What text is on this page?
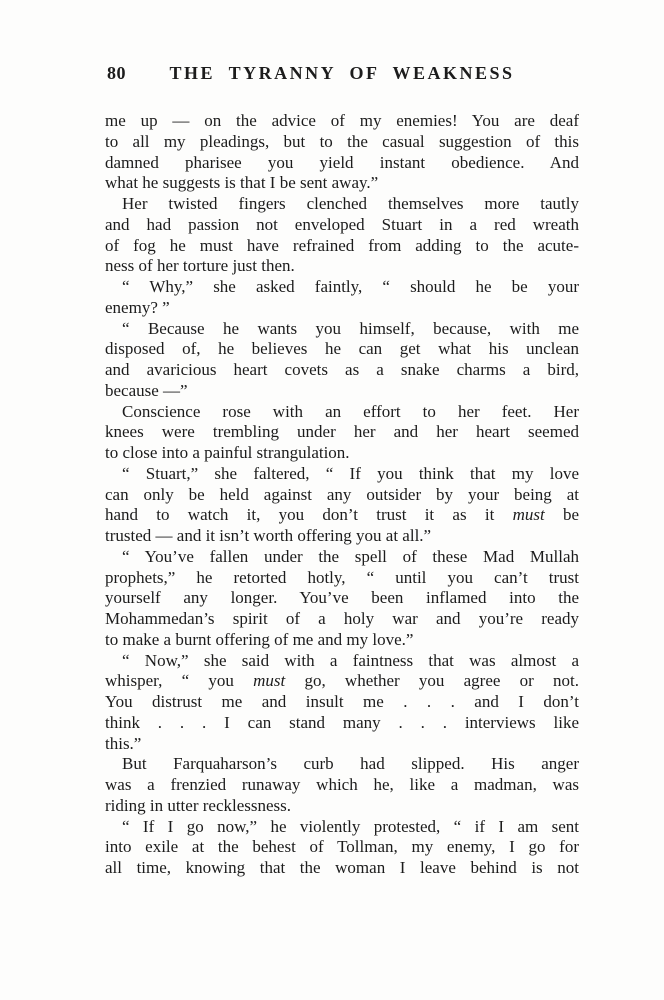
80	THE TYRANNY OF WEAKNESS
me up — on the advice of my enemies! You are deaf
to all my pleadings, but to the casual suggestion of this
damned pharisee you yield instant obedience. And
what he suggests is that I be sent away.”
Her twisted fingers clenched themselves more tautly
and had passion not enveloped Stuart in a red wreath
of fog he must have refrained from adding to the acute-
ness of her torture just then.
“ Why,” she asked faintly, “ should he be your
enemy? ”
“ Because he wants you himself, because, with me
disposed of, he believes he can get what his unclean
and avaricious heart covets as a snake charms a bird,
because —”
Conscience rose with an effort to her feet. Her
knees were trembling under her and her heart seemed
to close into a painful strangulation.
“ Stuart,” she faltered, “ If you think that my love
can only be held against any outsider by your being at
hand to watch it, you don’t trust it as it must be
trusted — and it isn’t worth offering you at all.”
“ You’ve fallen under the spell of these Mad Mullah
prophets,” he retorted hotly, “ until you can’t trust
yourself any longer. You’ve been inflamed into the
Mohammedan’s spirit of a holy war and you’re ready
to make a burnt offering of me and my love.”
“ Now,” she said with a faintness that was almost a
whisper, “ you must go, whether you agree or not.
You distrust me and insult me . . . and I don’t
think . . . I can stand many . . . interviews like
this.”
But Farquaharson’s curb had slipped. His anger
was a frenzied runaway which he, like a madman, was
riding in utter recklessness.
“ If I go now,” he violently protested, “ if I am sent
into exile at the behest of Tollman, my enemy, I go for
all time, knowing that the woman I leave behind is not
